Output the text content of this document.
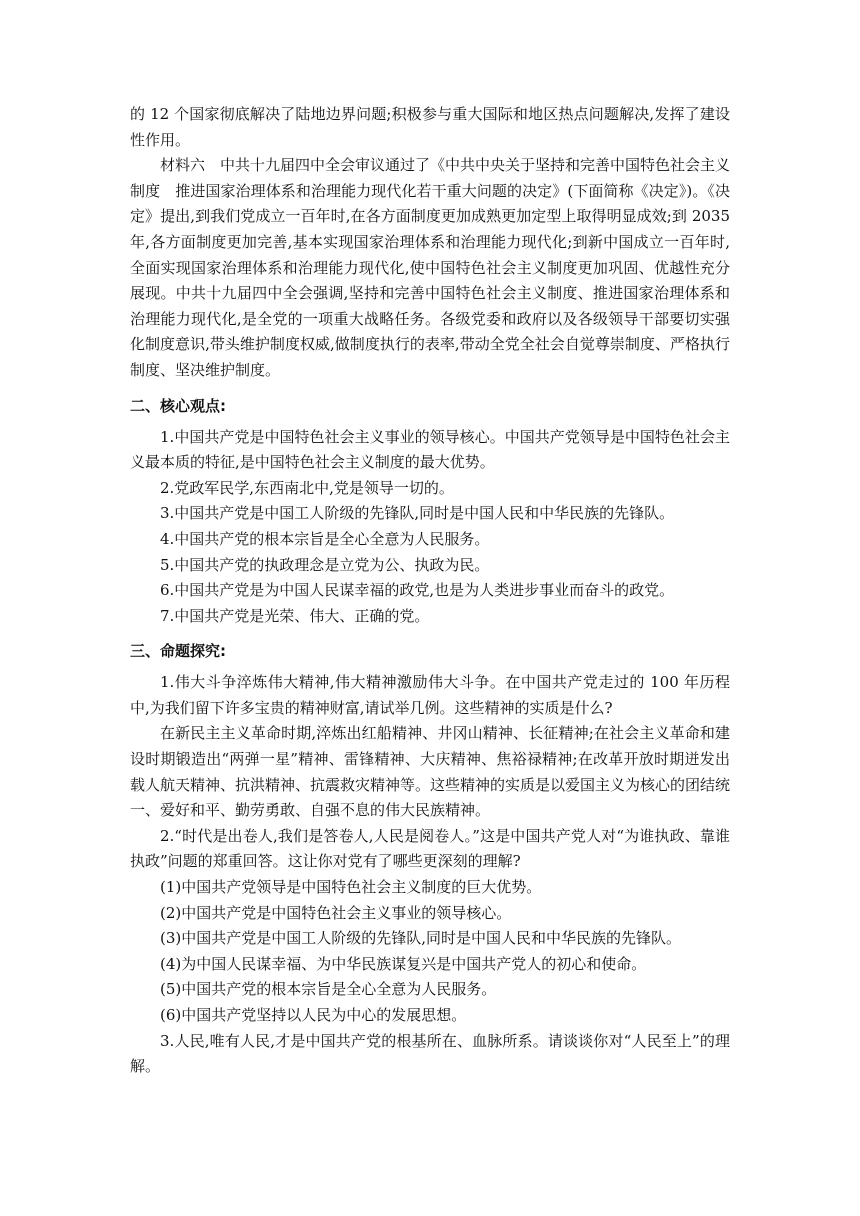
的 12 个国家彻底解决了陆地边界问题;积极参与重大国际和地区热点问题解决,发挥了建设性作用。

材料六　中共十九届四中全会审议通过了《中共中央关于坚持和完善中国特色社会主义制度　推进国家治理体系和治理能力现代化若干重大问题的决定》(下面简称《决定》)。《决定》提出,到我们党成立一百年时,在各方面制度更加成熟更加定型上取得明显成效;到 2035 年,各方面制度更加完善,基本实现国家治理体系和治理能力现代化;到新中国成立一百年时,全面实现国家治理体系和治理能力现代化,使中国特色社会主义制度更加巩固、优越性充分展现。中共十九届四中全会强调,坚持和完善中国特色社会主义制度、推进国家治理体系和治理能力现代化,是全党的一项重大战略任务。各级党委和政府以及各级领导干部要切实强化制度意识,带头维护制度权威,做制度执行的表率,带动全党全社会自觉尊崇制度、严格执行制度、坚决维护制度。

二、核心观点:

1.中国共产党是中国特色社会主义事业的领导核心。中国共产党领导是中国特色社会主义最本质的特征,是中国特色社会主义制度的最大优势。

2.党政军民学,东西南北中,党是领导一切的。

3.中国共产党是中国工人阶级的先锋队,同时是中国人民和中华民族的先锋队。

4.中国共产党的根本宗旨是全心全意为人民服务。

5.中国共产党的执政理念是立党为公、执政为民。

6.中国共产党是为中国人民谋幸福的政党,也是为人类进步事业而奋斗的政党。

7.中国共产党是光荣、伟大、正确的党。

三、命题探究:

1.伟大斗争淬炼伟大精神,伟大精神激励伟大斗争。在中国共产党走过的 100 年历程中,为我们留下许多宝贵的精神财富,请试举几例。这些精神的实质是什么?

在新民主主义革命时期,淬炼出红船精神、井冈山精神、长征精神;在社会主义革命和建设时期锻造出“两弹一星”精神、雷锋精神、大庆精神、焦裕禄精神;在改革开放时期迸发出载人航天精神、抗洪精神、抗震救灾精神等。这些精神的实质是以爱国主义为核心的团结统一、爱好和平、勤劳勇敢、自强不息的伟大民族精神。

2.“时代是出卷人,我们是答卷人,人民是阅卷人。”这是中国共产党人对“为谁执政、靠谁执政”问题的郑重回答。这让你对党有了哪些更深刻的理解?

(1)中国共产党领导是中国特色社会主义制度的巨大优势。

(2)中国共产党是中国特色社会主义事业的领导核心。

(3)中国共产党是中国工人阶级的先锋队,同时是中国人民和中华民族的先锋队。

(4)为中国人民谋幸福、为中华民族谋复兴是中国共产党人的初心和使命。

(5)中国共产党的根本宗旨是全心全意为人民服务。

(6)中国共产党坚持以人民为中心的发展思想。

3.人民,唯有人民,才是中国共产党的根基所在、血脉所系。请谈谈你对“人民至上”的理解。
